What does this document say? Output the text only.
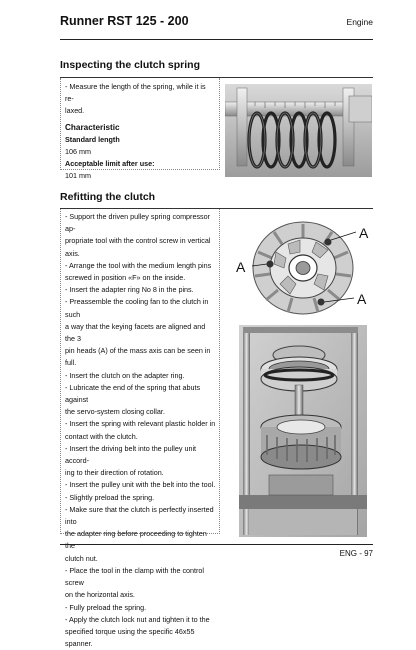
Runner RST 125 - 200	Engine
Inspecting the clutch spring

- Measure the length of the spring, while it is re-

laxed.

Characteristic

Standard length

106 mm

Acceptable limit after use:

101 mm

Refitting the clutch

- Support the driven pulley spring compressor ap-

propriate tool with the control screw in vertical axis.

- Arrange the tool with the medium length pins

screwed in position «F» on the inside.

- Insert the adapter ring No 8 in the pins.

- Preassemble the cooling fan to the clutch in such

a way that the keying facets are aligned and the 3

pin heads (A) of the mass axis can be seen in full.

- Insert the clutch on the adapter ring.

- Lubricate the end of the spring that abuts against

the servo-system closing collar.

- Insert the spring with relevant plastic holder in

contact with the clutch.

- Insert the driving belt into the pulley unit accord-

ing to their direction of rotation.

- Insert the pulley unit with the belt into the tool.

- Slightly preload the spring.

- Make sure that the clutch is perfectly inserted into

the adapter ring before proceeding to tighten the

clutch nut.

- Place the tool in the clamp with the control screw

on the horizontal axis.

- Fully preload the spring.

- Apply the clutch lock nut and tighten it to the

specified torque using the specific 46x55 spanner.

A
A
A
ENG - 97
